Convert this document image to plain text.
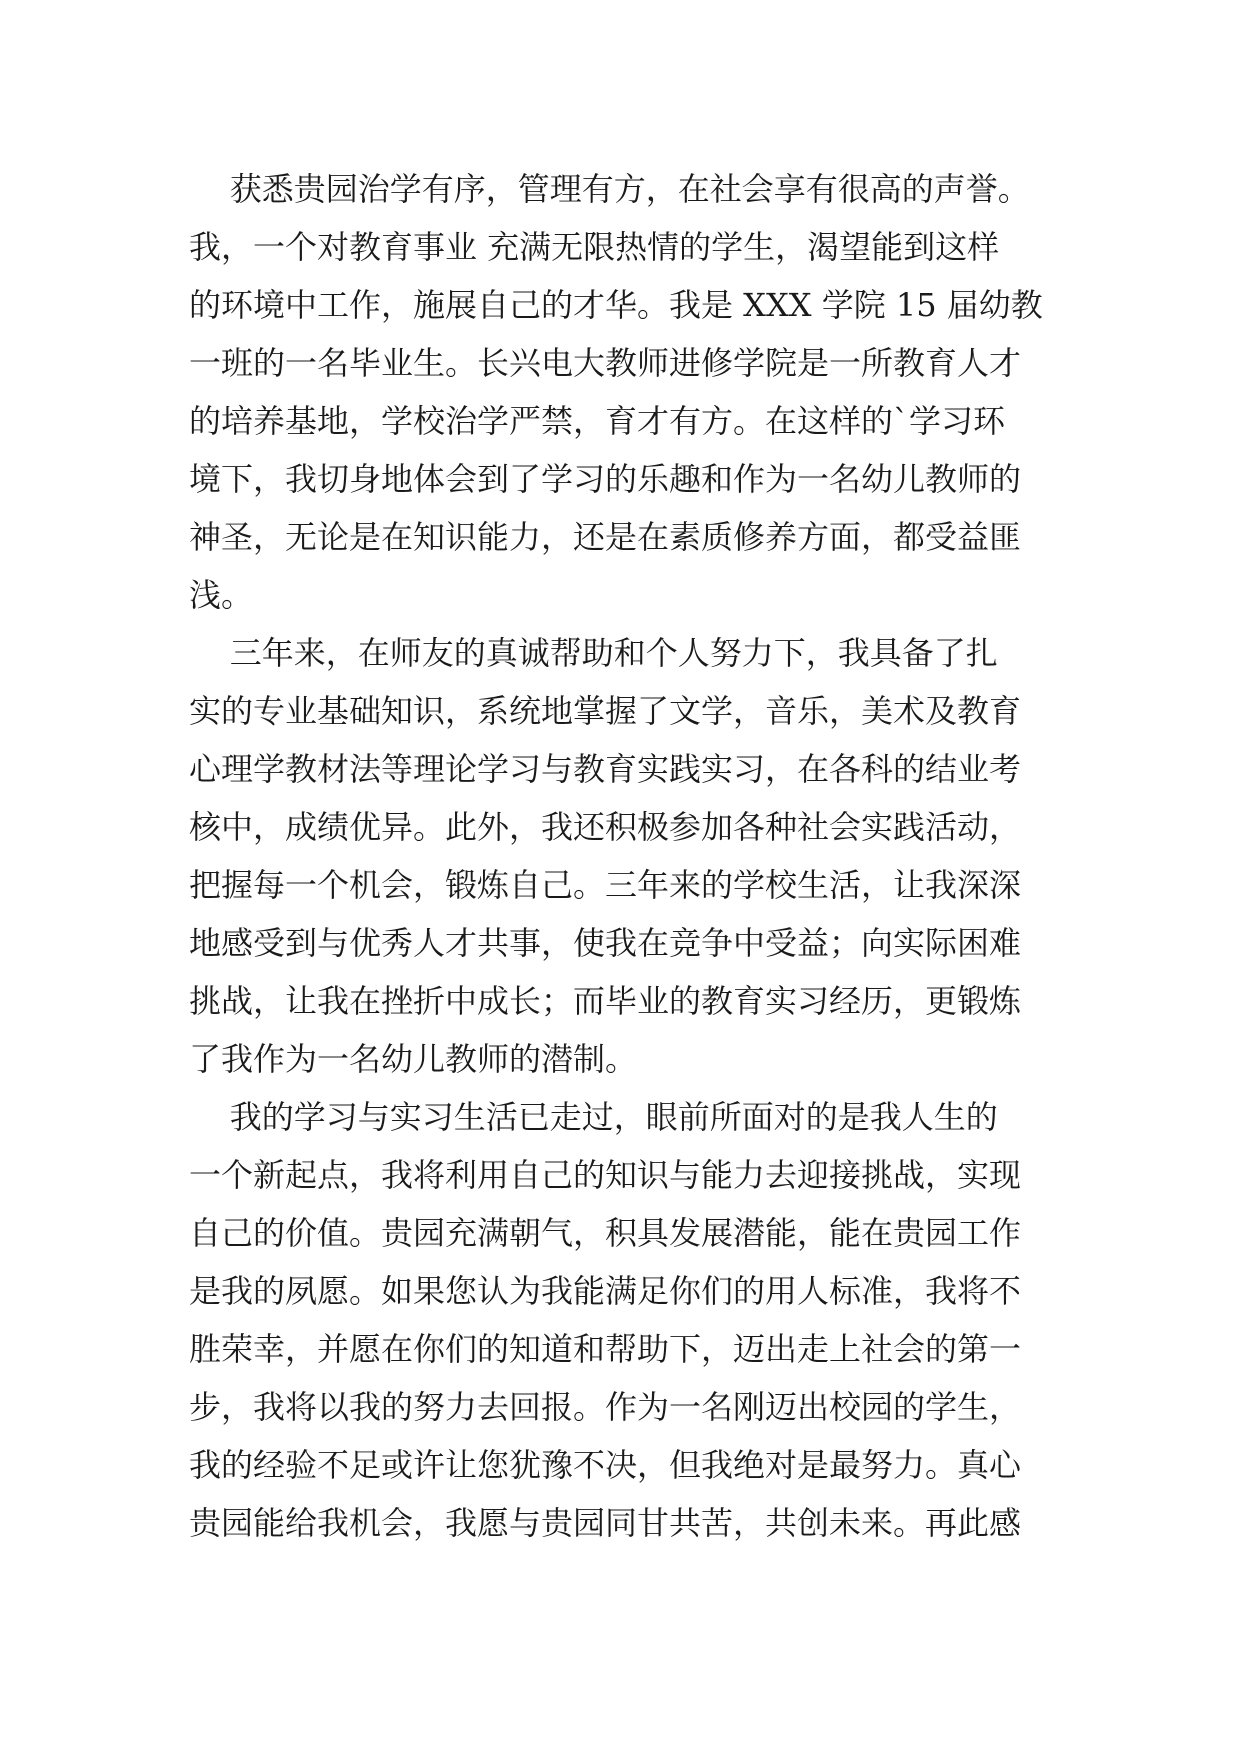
获悉贵园治学有序，管理有方，在社会享有很高的声誉。
我，一个对教育事业 充满无限热情的学生，渴望能到这样
的环境中工作，施展自己的才华。我是 XXX 学院 15 届幼教
一班的一名毕业生。长兴电大教师进修学院是一所教育人才
的培养基地，学校治学严禁，育才有方。在这样的`学习环
境下，我切身地体会到了学习的乐趣和作为一名幼儿教师的
神圣，无论是在知识能力，还是在素质修养方面，都受益匪
浅。
三年来，在师友的真诚帮助和个人努力下，我具备了扎
实的专业基础知识，系统地掌握了文学，音乐，美术及教育
心理学教材法等理论学习与教育实践实习，在各科的结业考
核中，成绩优异。此外，我还积极参加各种社会实践活动，
把握每一个机会，锻炼自己。三年来的学校生活，让我深深
地感受到与优秀人才共事，使我在竞争中受益；向实际困难
挑战，让我在挫折中成长；而毕业的教育实习经历，更锻炼
了我作为一名幼儿教师的潜制。
我的学习与实习生活已走过，眼前所面对的是我人生的
一个新起点，我将利用自己的知识与能力去迎接挑战，实现
自己的价值。贵园充满朝气，积具发展潜能，能在贵园工作
是我的夙愿。如果您认为我能满足你们的用人标准，我将不
胜荣幸，并愿在你们的知道和帮助下，迈出走上社会的第一
步，我将以我的努力去回报。作为一名刚迈出校园的学生，
我的经验不足或许让您犹豫不决，但我绝对是最努力。真心
贵园能给我机会，我愿与贵园同甘共苦，共创未来。再此感
